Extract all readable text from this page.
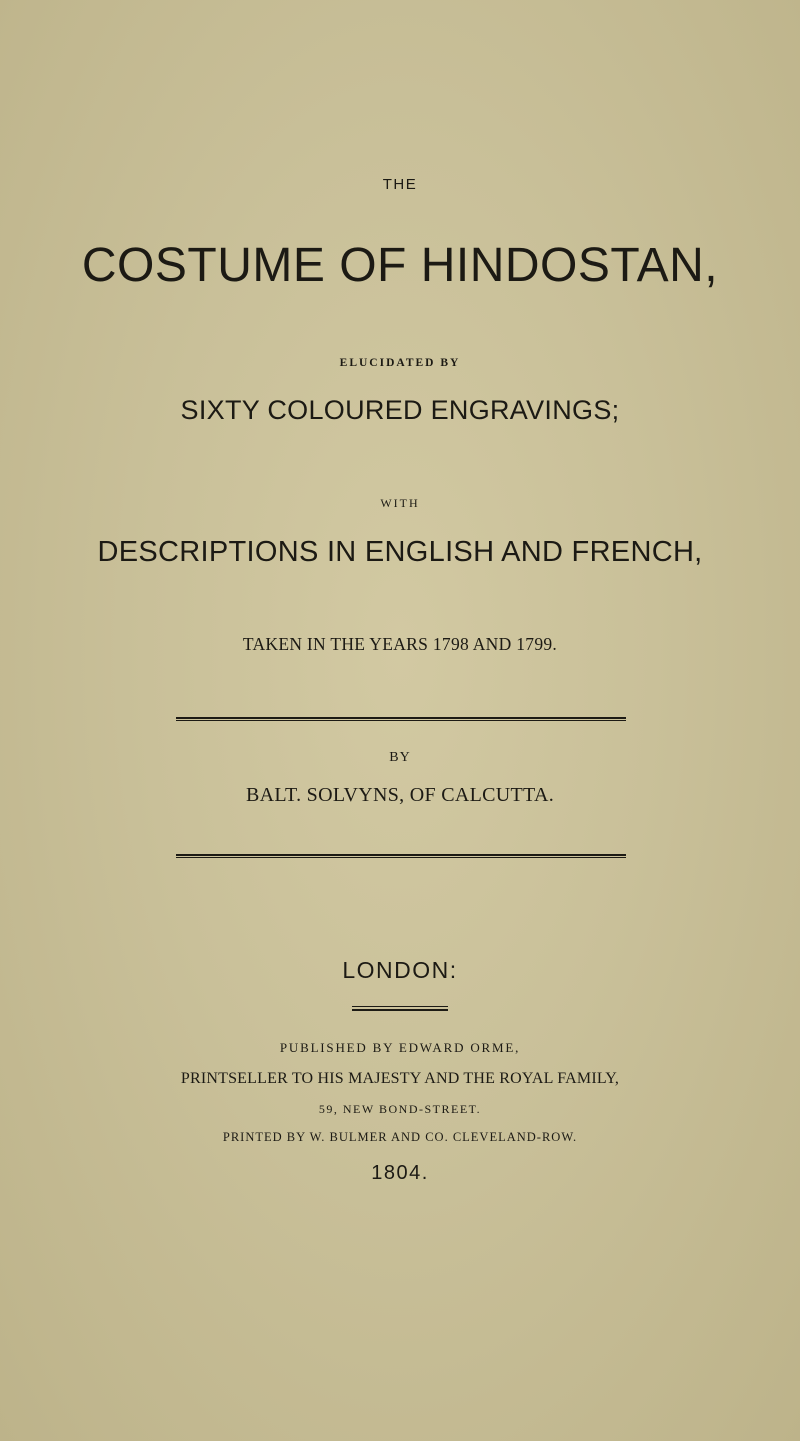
THE
COSTUME OF HINDOSTAN,
ELUCIDATED BY
SIXTY COLOURED ENGRAVINGS;
WITH
DESCRIPTIONS IN ENGLISH AND FRENCH,
TAKEN IN THE YEARS 1798 AND 1799.
BY
BALT. SOLVYNS, OF CALCUTTA.
LONDON:
PUBLISHED BY EDWARD ORME,
PRINTSELLER TO HIS MAJESTY AND THE ROYAL FAMILY,
59, NEW BOND-STREET.
PRINTED BY W. BULMER AND CO. CLEVELAND-ROW.
1804.
